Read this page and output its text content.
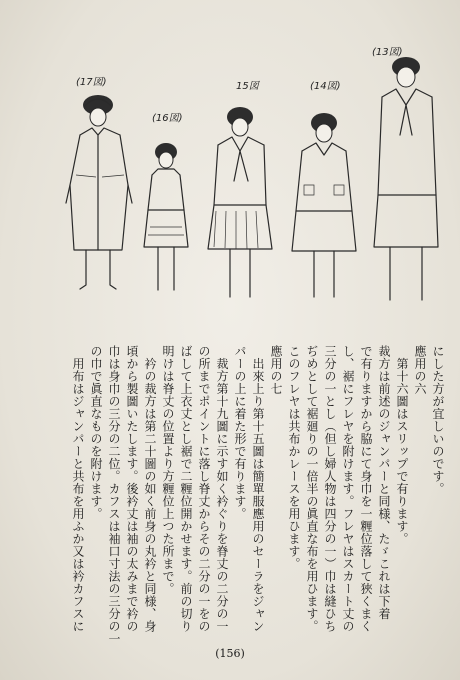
(17図)
(16図)
15図	(14図)
(13図)
にした方が宜しいのです。
應用の六
　第十六圖はスリップで有ります。
裁方は前述のジャンパーと同様、たゞこれは下着
で有りますから脇にて身巾を一糎位落して狹くまく
し、裾にフレヤを附けます。フレヤはスカート丈の
三分の一とし（但し婦人物は四分の一）巾は縫ひち
ぢめとして裾廻りの一倍半の眞直な布を用ひます。
このフレヤは共布かレースを用ひます。
應用の七
　出來上り第十五圖は簡單服應用のセーラをジャン
パーの上に着た形で有ります。
　裁方第十九圖に示す如く衿ぐりを脊丈の二分の一
の所までポイントに落し脊丈からその二分の一をの
ばして上衣丈とし裾で二糎位開かせます。前の切り
明けは脊丈の位置より方糎位上つた所まで。
　衿の裁方は第二十圖の如く前身の丸衿と同様、身
頃から製圖いたします。後衿丈は袖の太みまで衿の
巾は身巾の三分の二位。カフスは袖口寸法の三分の一
の巾で眞直なものを附けます。
　用布はジャンパーと共布を用ふか又は衿カフスに
(156)
